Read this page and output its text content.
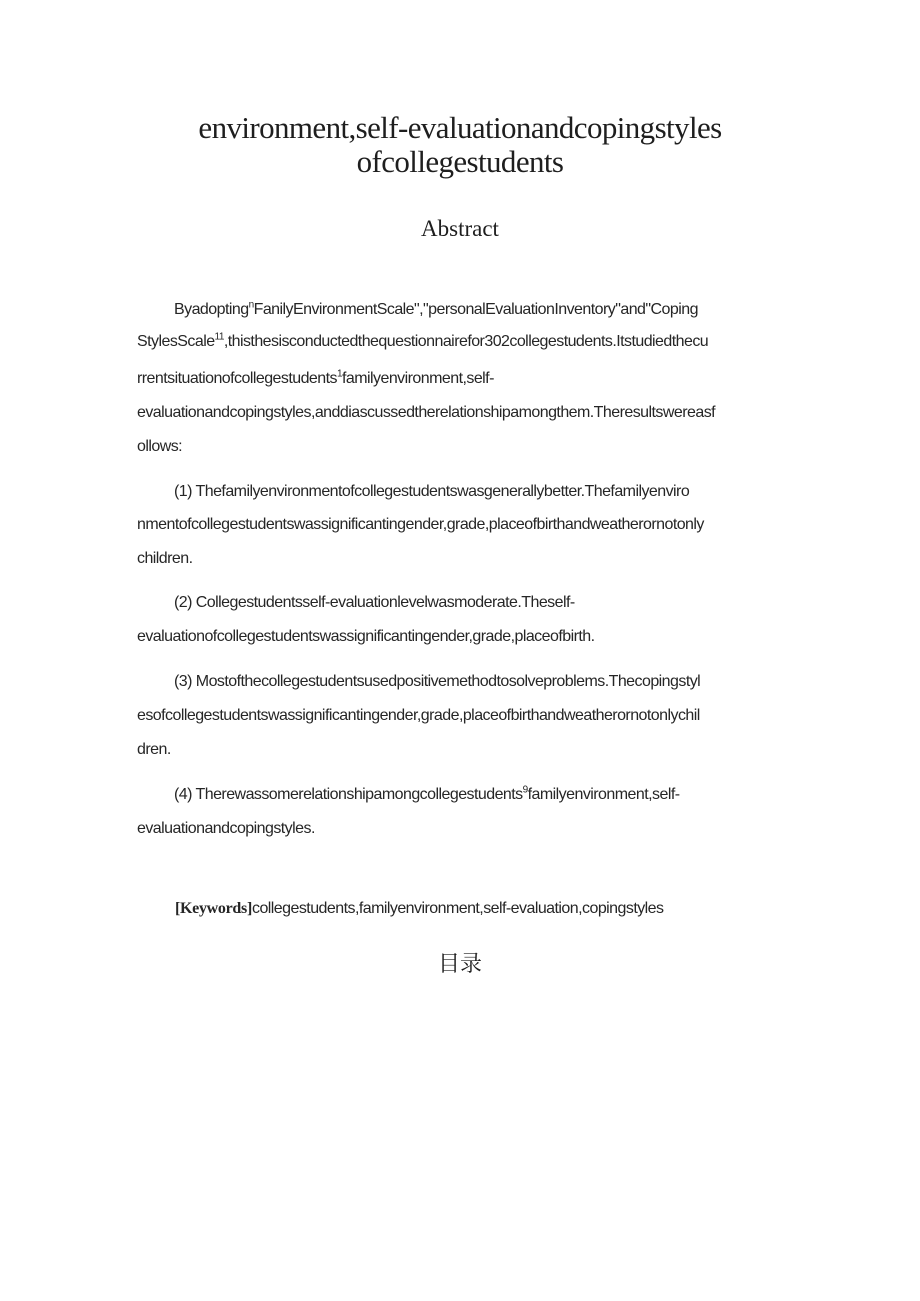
environment,self-evaluationandcopingstyles
ofcollegestudents
Abstract
Byadopting$^n$FanilyEnvironmentScale","personalEvaluationInventory"and"Coping
StylesScale$^{11}$,thisthesisconductedthequestionnairefor302collegestudents.Itstudiedthecu
rrentsituationofcollegestudents$^1$familyenvironment,self-
evaluationandcopingstyles,anddiascussedtherelationshipamongthem.Theresultswereasf
ollows:
(1) Thefamilyenvironmentofcollegestudentswasgenerallybetter.Thefamilyenviro
nmentofcollegestudentswassignificantingender,grade,placeofbirthandweatherornotonly
children.
(2) Collegestudentsself-evaluationlevelwasmoderate.Theself-
evaluationofcollegestudentswassignificantingender,grade,placeofbirth.
(3) Mostofthecollegestudentsusedpositivemethodtosolveproblems.Thecopingstyl
esofcollegestudentswassignificantingender,grade,placeofbirthandweatherornotonlychil
dren.
(4) Therewassomerelationshipamongcollegestudents$^9$familyenvironment,self-
evaluationandcopingstyles.
[Keywords]collegestudents,familyenvironment,self-evaluation,copingstyles
目录
